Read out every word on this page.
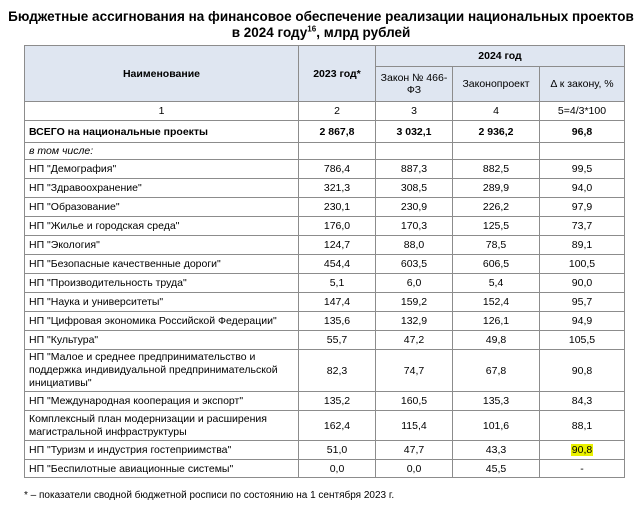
Бюджетные ассигнования на финансовое обеспечение реализации национальных проектов
в 2024 году$^{16}$, млрд рублей
Наименование	2023 год*	2024 год		
		Закон № 466-ФЗ	Законопроект	Δ к закону, %
1	2	3	4	5=4/3*100
ВСЕГО на национальные проекты	2 867,8	3 032,1	2 936,2	96,8
в том числе:				
НП "Демография"	786,4	887,3	882,5	99,5
НП "Здравоохранение"	321,3	308,5	289,9	94,0
НП "Образование"	230,1	230,9	226,2	97,9
НП "Жилье и городская среда"	176,0	170,3	125,5	73,7
НП "Экология"	124,7	88,0	78,5	89,1
НП "Безопасные качественные дороги"	454,4	603,5	606,5	100,5
НП "Производительность труда"	5,1	6,0	5,4	90,0
НП "Наука и университеты"	147,4	159,2	152,4	95,7
НП "Цифровая экономика Российской Федерации"	135,6	132,9	126,1	94,9
НП "Культура"	55,7	47,2	49,8	105,5
НП "Малое и среднее предпринимательство и поддержка индивидуальной предпринимательской инициативы"	82,3	74,7	67,8	90,8
НП "Международная кооперация и экспорт"	135,2	160,5	135,3	84,3
Комплексный план модернизации и расширения магистральной инфраструктуры	162,4	115,4	101,6	88,1
НП "Туризм и индустрия гостеприимства"	51,0	47,7	43,3	90,8
НП "Беспилотные авиационные системы"	0,0	0,0	45,5	-
* – показатели сводной бюджетной росписи по состоянию на 1 сентября 2023 г.
